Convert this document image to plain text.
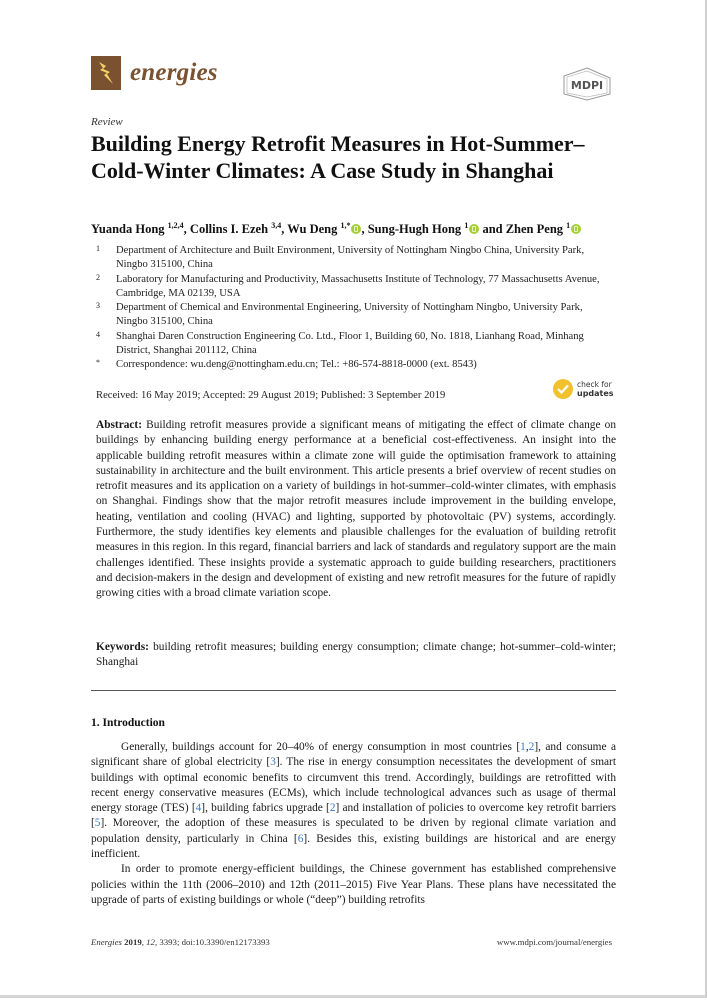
energies	MDPI
Review
Building Energy Retrofit Measures in Hot-Summer–Cold-Winter Climates: A Case Study in Shanghai
Yuanda Hong $^{1,2,4}$, Collins I. Ezeh $^{3,4}$, Wu Deng $^{1,*}$ , Sung-Hugh Hong $^1$ and Zhen Peng $^1$
1	Department of Architecture and Built Environment, University of Nottingham Ningbo China, University Park, Ningbo 315100, China
2	Laboratory for Manufacturing and Productivity, Massachusetts Institute of Technology, 77 Massachusetts Avenue, Cambridge, MA 02139, USA
3	Department of Chemical and Environmental Engineering, University of Nottingham Ningbo, University Park, Ningbo 315100, China
4	Shanghai Daren Construction Engineering Co. Ltd., Floor 1, Building 60, No. 1818, Lianhang Road, Minhang District, Shanghai 201112, China
*	Correspondence: wu.deng@nottingham.edu.cn; Tel.: +86-574-8818-0000 (ext. 8543)
Received: 16 May 2019; Accepted: 29 August 2019; Published: 3 September 2019
check for
updates

Abstract: Building retrofit measures provide a significant means of mitigating the effect of climate change on buildings by enhancing building energy performance at a beneficial cost-effectiveness. An insight into the applicable building retrofit measures within a climate zone will guide the optimisation framework to attaining sustainability in architecture and the built environment. This article presents a brief overview of recent studies on retrofit measures and its application on a variety of buildings in hot-summer–cold-winter climates, with emphasis on Shanghai. Findings show that the major retrofit measures include improvement in the building envelope, heating, ventilation and cooling (HVAC) and lighting, supported by photovoltaic (PV) systems, accordingly. Furthermore, the study identifies key elements and plausible challenges for the evaluation of building retrofit measures in this region. In this regard, financial barriers and lack of standards and regulatory support are the main challenges identified. These insights provide a systematic approach to guide building researchers, practitioners and decision-makers in the design and development of existing and new retrofit measures for the future of rapidly growing cities with a broad climate variation scope.

Keywords: building retrofit measures; building energy consumption; climate change; hot-summer–cold-winter; Shanghai

1. Introduction

Generally, buildings account for 20–40% of energy consumption in most countries [1,2], and consume a significant share of global electricity [3]. The rise in energy consumption necessitates the development of smart buildings with optimal economic benefits to circumvent this trend. Accordingly, buildings are retrofitted with recent energy conservative measures (ECMs), which include technological advances such as usage of thermal energy storage (TES) [4], building fabrics upgrade [2] and installation of policies to overcome key retrofit barriers [5]. Moreover, the adoption of these measures is speculated to be driven by regional climate variation and population density, particularly in China [6]. Besides this, existing buildings are historical and are energy inefficient.

In order to promote energy-efficient buildings, the Chinese government has established comprehensive policies within the 11th (2006–2010) and 12th (2011–2015) Five Year Plans. These plans have necessitated the upgrade of parts of existing buildings or whole (“deep”) building retrofits

Energies 2019, 12, 3393; doi:10.3390/en12173393	www.mdpi.com/journal/energies
